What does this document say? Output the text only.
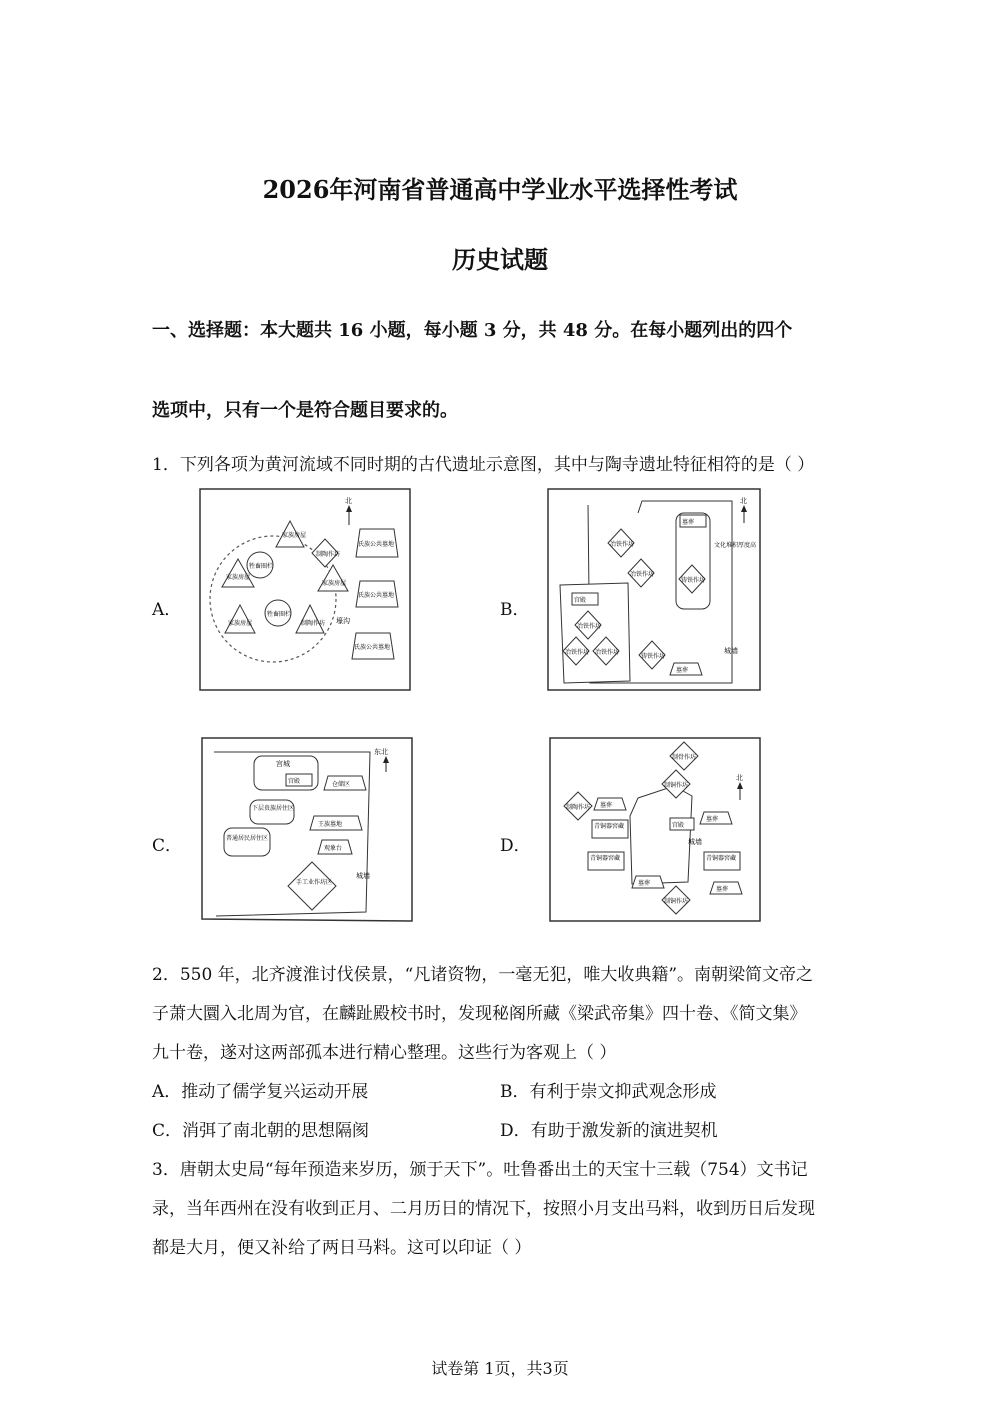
2026年河南省普通高中学业水平选择性考试
历史试题
一、选择题：本大题共 16 小题，每小题 3 分，共 48 分。在每小题列出的四个
选项中，只有一个是符合题目要求的。
1．下列各项为黄河流域不同时期的古代遗址示意图，其中与陶寺遗址特征相符的是（ ）
A．	B．
C．	D．
北
家族房屋
家族房屋
家族房屋
家族房屋	制陶作坊
制陶作坊
牲畜圈栏
牲畜圈栏
氏族公共墓地
氏族公共墓地
氏族公共墓地
壕沟
北
墓葬
文化堆积厚度高
冶铁作坊
冶铁作坊
铸铁作坊
宫殿
冶铁作坊
冶铁作坊 冶铁作坊
铸铁作坊
墓葬
城墙
东北
宫城
宫殿	仓储区
下层贵族居住区
普通居民居住区
王族墓地
观象台
手工业作坊区
城墙
北
制骨作坊
制铜作坊
制陶作坊 墓葬
墓葬
青铜器窖藏	宫殿
城墙
青铜器窖藏	青铜器窖藏
墓葬
墓葬
制铜作坊
2．550 年，北齐渡淮讨伐侯景，“凡诸资物，一毫无犯，唯大收典籍”。南朝梁简文帝之
子萧大圜入北周为官，在麟趾殿校书时，发现秘阁所藏《梁武帝集》四十卷、《简文集》
九十卷，遂对这两部孤本进行精心整理。这些行为客观上（ ）
A．推动了儒学复兴运动开展	B．有利于崇文抑武观念形成
C．消弭了南北朝的思想隔阂	D．有助于激发新的演进契机
3．唐朝太史局“每年预造来岁历，颁于天下”。吐鲁番出土的天宝十三载（754）文书记
录，当年西州在没有收到正月、二月历日的情况下，按照小月支出马料，收到历日后发现
都是大月，便又补给了两日马料。这可以印证（ ）
试卷第 1页，共3页
